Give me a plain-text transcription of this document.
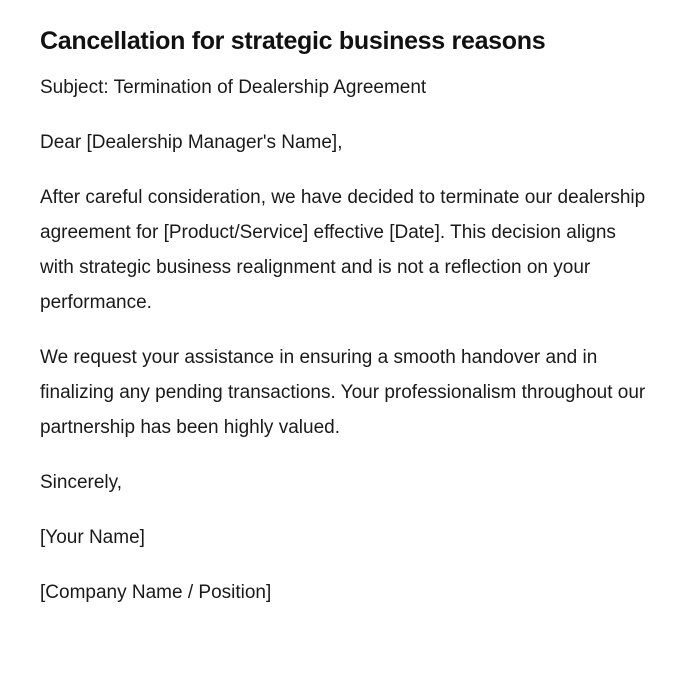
Cancellation for strategic business reasons

Subject: Termination of Dealership Agreement

Dear [Dealership Manager's Name],

After careful consideration, we have decided to terminate our dealership agreement for [Product/Service] effective [Date]. This decision aligns with strategic business realignment and is not a reflection on your performance.

We request your assistance in ensuring a smooth handover and in finalizing any pending transactions. Your professionalism throughout our partnership has been highly valued.

Sincerely,

[Your Name]

[Company Name / Position]
